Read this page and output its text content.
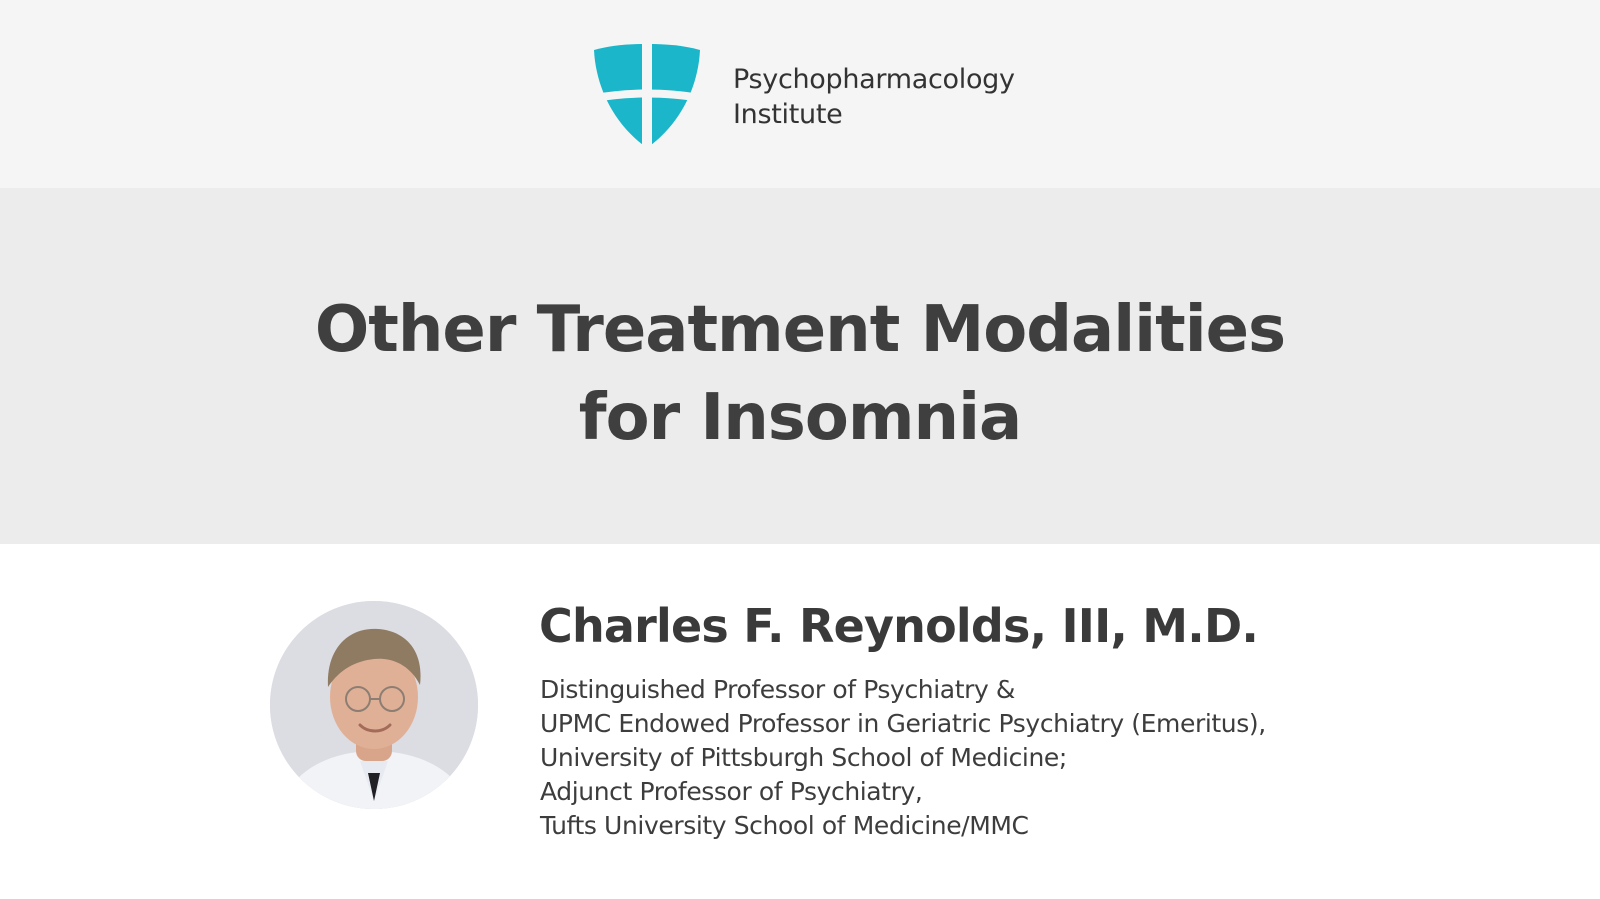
Psychopharmacology
Institute
Other Treatment Modalities
for Insomnia
Charles F. Reynolds, III, M.D.
Distinguished Professor of Psychiatry &
UPMC Endowed Professor in Geriatric Psychiatry (Emeritus),
University of Pittsburgh School of Medicine;
Adjunct Professor of Psychiatry,
Tufts University School of Medicine/MMC
